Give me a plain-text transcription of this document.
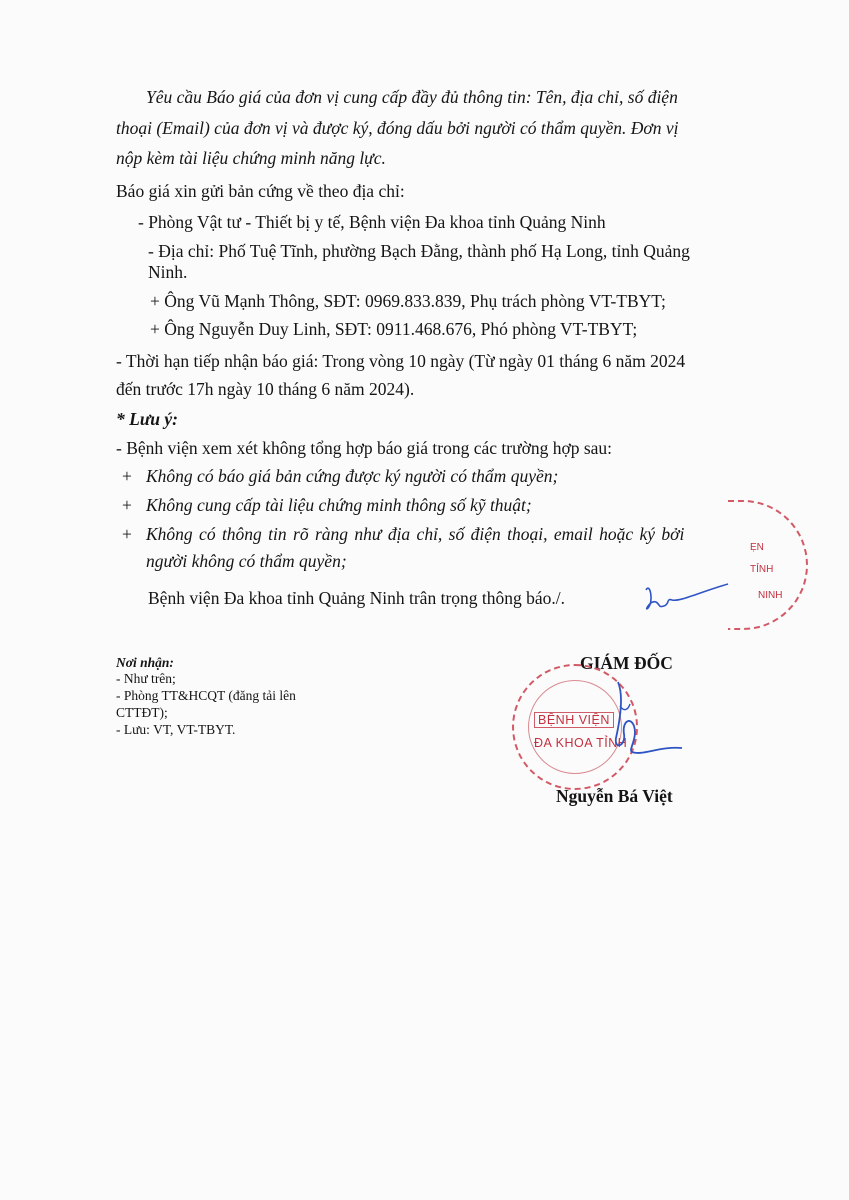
Yêu cầu Báo giá của đơn vị cung cấp đầy đủ thông tin: Tên, địa chỉ, số điện
thoại (Email) của đơn vị và được ký, đóng dấu bởi người có thẩm quyền. Đơn vị
nộp kèm tài liệu chứng minh năng lực.
Báo giá xin gửi bản cứng về theo địa chỉ:
- Phòng Vật tư - Thiết bị y tế, Bệnh viện Đa khoa tỉnh Quảng Ninh
- Địa chỉ: Phố Tuệ Tĩnh, phường Bạch Đằng, thành phố Hạ Long, tỉnh Quảng
Ninh.
+ Ông Vũ Mạnh Thông, SĐT: 0969.833.839, Phụ trách phòng VT-TBYT;
+ Ông Nguyễn Duy Linh, SĐT: 0911.468.676, Phó phòng VT-TBYT;
- Thời hạn tiếp nhận báo giá: Trong vòng 10 ngày (Từ ngày 01 tháng 6 năm 2024
đến trước 17h ngày 10 tháng 6 năm 2024).
* Lưu ý:
- Bệnh viện xem xét không tổng hợp báo giá trong các trường hợp sau:
+ Không có báo giá bản cứng được ký người có thẩm quyền;
+ Không cung cấp tài liệu chứng minh thông số kỹ thuật;
+ Không có thông tin rõ ràng như địa chỉ, số điện thoại, email hoặc ký bởi
người không có thẩm quyền;
Bệnh viện Đa khoa tỉnh Quảng Ninh trân trọng thông báo./.
ẸN
TỈNH
NINH
Nơi nhận:
- Như trên;
- Phòng TT&HCQT (đăng tải lên
CTTĐT);
- Lưu: VT, VT-TBYT.
GIÁM ĐỐC
BỆNH VIỆN
ĐA KHOA TỈNH
Nguyễn Bá Việt
